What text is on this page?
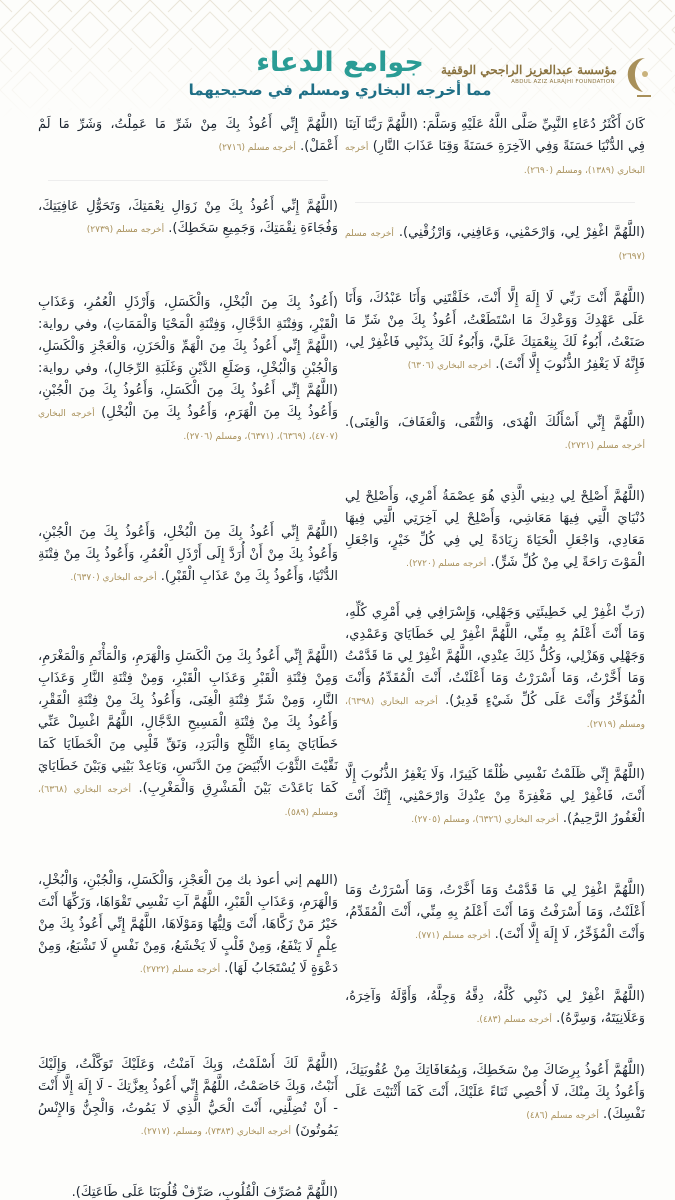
مؤسسة عبدالعزيز الراجحي الوقفية
ABDUL AZIZ ALRAJHI FOUNDATION
جوامع الدعاء
مما أخرجه البخاري ومسلم في صحيحيهما
كَانَ أَكْثَرُ دُعَاءِ النَّبِيِّ صَلَّى اللَّهُ عَلَيْهِ وَسَلَّمَ: (اللَّهُمَّ رَبَّنَا آتِنَا فِي الدُّنْيَا حَسَنَةً وَفِي الآخِرَةِ حَسَنَةً وَقِنَا عَذَابَ النَّارِ) أخرجه البخاري (١٣٨٩)، ومسلم (٢٦٩٠).
(اللَّهُمَّ اغْفِرْ لِي، وَارْحَمْنِي، وَعَافِنِي، وَارْزُقْنِي). أخرجه مسلم (٢٦٩٧)
(اللَّهُمَّ أَنْتَ رَبِّي لَا إِلَهَ إِلَّا أَنْتَ، خَلَقْتَنِي وَأَنَا عَبْدُكَ، وَأَنَا عَلَى عَهْدِكَ وَوَعْدِكَ مَا اسْتَطَعْتُ، أَعُوذُ بِكَ مِنْ شَرِّ مَا صَنَعْتُ، أَبُوءُ لَكَ بِنِعْمَتِكَ عَلَيَّ، وَأَبُوءُ لَكَ بِذَنْبِي فَاغْفِرْ لِي، فَإِنَّهُ لَا يَغْفِرُ الذُّنُوبَ إِلَّا أَنْتَ). أخرجه البخاري (٦٣٠٦)
(اللَّهُمَّ إِنِّي أَسْأَلُكَ الْهُدَى، وَالتُّقَى، وَالْعَفَافَ، وَالْغِنَى). أخرجه مسلم (٢٧٢١).
(اللَّهُمَّ أَصْلِحْ لِي دِينِي الَّذِي هُوَ عِصْمَةُ أَمْرِي، وَأَصْلِحْ لِي دُنْيَايَ الَّتِي فِيهَا مَعَاشِي، وَأَصْلِحْ لِي آخِرَتِي الَّتِي فِيهَا مَعَادِي، وَاجْعَلِ الْحَيَاةَ زِيَادَةً لِي فِي كُلِّ خَيْرٍ، وَاجْعَلِ الْمَوْتَ رَاحَةً لِي مِنْ كُلِّ شَرٍّ). أخرجه مسلم (٢٧٢٠).
(رَبِّ اغْفِرْ لِي خَطِيئَتِي وَجَهْلِي، وَإِسْرَافِي فِي أَمْرِي كُلِّهِ، وَمَا أَنْتَ أَعْلَمُ بِهِ مِنِّي، اللَّهُمَّ اغْفِرْ لِي خَطَايَايَ وَعَمْدِي، وَجَهْلِي وَهَزْلِي، وَكُلُّ ذَلِكَ عِنْدِي، اللَّهُمَّ اغْفِرْ لِي مَا قَدَّمْتُ وَمَا أَخَّرْتُ، وَمَا أَسْرَرْتُ وَمَا أَعْلَنْتُ، أَنْتَ الْمُقَدِّمُ وَأَنْتَ الْمُؤَخِّرُ وَأَنْتَ عَلَى كُلِّ شَيْءٍ قَدِيرٌ). أخرجه البخاري (٦٣٩٨)، ومسلم (٢٧١٩).
(اللَّهُمَّ إِنِّي ظَلَمْتُ نَفْسِي ظُلْمًا كَثِيرًا، وَلَا يَغْفِرُ الذُّنُوبَ إِلَّا أَنْتَ، فَاغْفِرْ لِي مَغْفِرَةً مِنْ عِنْدِكَ وَارْحَمْنِي، إِنَّكَ أَنْتَ الْغَفُورُ الرَّحِيمُ). أخرجه البخاري (٦٣٢٦)، ومسلم (٢٧٠٥).
(اللَّهُمَّ اغْفِرْ لِي مَا قَدَّمْتُ وَمَا أَخَّرْتُ، وَمَا أَسْرَرْتُ وَمَا أَعْلَنْتُ، وَمَا أَسْرَفْتُ وَمَا أَنْتَ أَعْلَمُ بِهِ مِنِّي، أَنْتَ الْمُقَدِّمُ، وَأَنْتَ الْمُؤَخِّرُ، لَا إِلَهَ إِلَّا أَنْتَ). أخرجه مسلم (٧٧١).
(اللَّهُمَّ اغْفِرْ لِي ذَنْبِي كُلَّهُ، دِقَّهُ وَجِلَّهُ، وَأَوَّلَهُ وَآخِرَهُ، وَعَلَانِيَتَهُ، وَسِرَّهُ). أخرجه مسلم (٤٨٣).
(اللَّهُمَّ أَعُوذُ بِرِضَاكَ مِنْ سَخَطِكَ، وَبِمُعَافَاتِكَ مِنْ عُقُوبَتِكَ، وَأَعُوذُ بِكَ مِنْكَ، لَا أُحْصِي ثَنَاءً عَلَيْكَ، أَنْتَ كَمَا أَثْنَيْتَ عَلَى نَفْسِكَ). أخرجه مسلم (٤٨٦)
(اللَّهُمَّ إِنِّي أَعُوذُ بِكَ مِنْ شَرِّ مَا عَمِلْتُ، وَشَرِّ مَا لَمْ أَعْمَلْ). أخرجه مسلم (٢٧١٦)
(اللَّهُمَّ إِنِّي أَعُوذُ بِكَ مِنْ زَوَالِ نِعْمَتِكَ، وَتَحَوُّلِ عَافِيَتِكَ، وَفُجَاءَةِ نِقْمَتِكَ، وَجَمِيعِ سَخَطِكَ). أخرجه مسلم (٢٧٣٩)
(أَعُوذُ بِكَ مِنَ الْبُخْلِ، وَالْكَسَلِ، وَأَرْذَلِ الْعُمُرِ، وَعَذَابِ الْقَبْرِ، وَفِتْنَةِ الدَّجَّالِ، وَفِتْنَةِ الْمَحْيَا وَالْمَمَاتِ)، وفي رواية: (اللَّهُمَّ إِنِّي أَعُوذُ بِكَ مِنَ الْهَمِّ وَالْحَزَنِ، وَالْعَجْزِ وَالْكَسَلِ، وَالْجُبْنِ وَالْبُخْلِ، وَضَلَعِ الدَّيْنِ وَغَلَبَةِ الرِّجَالِ)، وفي رواية: (اللَّهُمَّ إِنِّي أَعُوذُ بِكَ مِنَ الْكَسَلِ، وَأَعُوذُ بِكَ مِنَ الْجُبْنِ، وَأَعُوذُ بِكَ مِنَ الْهَرَمِ، وَأَعُوذُ بِكَ مِنَ الْبُخْلِ) أخرجه البخاري (٤٧٠٧)، (٦٣٦٩)، (٦٣٧١)، ومسلم (٢٧٠٦).
(اللَّهُمَّ إِنِّي أَعُوذُ بِكَ مِنَ الْبُخْلِ، وَأَعُوذُ بِكَ مِنَ الْجُبْنِ، وَأَعُوذُ بِكَ مِنْ أَنْ أُرَدَّ إِلَى أَرْذَلِ الْعُمُرِ، وَأَعُوذُ بِكَ مِنْ فِتْنَةِ الدُّنْيَا، وَأَعُوذُ بِكَ مِنْ عَذَابِ الْقَبْرِ). أخرجه البخاري (٦٣٧٠).
(اللَّهُمَّ إِنِّي أَعُوذُ بِكَ مِنَ الْكَسَلِ وَالْهَرَمِ، وَالْمَأْثَمِ وَالْمَغْرَمِ، وَمِنْ فِتْنَةِ الْقَبْرِ وَعَذَابِ الْقَبْرِ، وَمِنْ فِتْنَةِ النَّارِ وَعَذَابِ النَّارِ، وَمِنْ شَرِّ فِتْنَةِ الْغِنَى، وَأَعُوذُ بِكَ مِنْ فِتْنَةِ الْفَقْرِ، وَأَعُوذُ بِكَ مِنْ فِتْنَةِ الْمَسِيحِ الدَّجَّالِ، اللَّهُمَّ اغْسِلْ عَنِّي خَطَايَايَ بِمَاءِ الثَّلْجِ وَالْبَرَدِ، وَنَقِّ قَلْبِي مِنَ الْخَطَايَا كَمَا نَقَّيْتَ الثَّوْبَ الأَبْيَضَ مِنَ الدَّنَسِ، وَبَاعِدْ بَيْنِي وَبَيْنَ خَطَايَايَ كَمَا بَاعَدْتَ بَيْنَ الْمَشْرِقِ وَالْمَغْرِبِ). أخرجه البخاري (٦٣٦٨)، ومسلم (٥٨٩).
(اللهم إني أعوذ بك مِنَ الْعَجْزِ، وَالْكَسَلِ، وَالْجُبْنِ، وَالْبُخْلِ، وَالْهَرَمِ، وَعَذَابِ الْقَبْرِ، اللَّهُمَّ آتِ نَفْسِي تَقْوَاهَا، وَزَكِّهَا أَنْتَ خَيْرُ مَنْ زَكَّاهَا، أَنْتَ وَلِيُّهَا وَمَوْلَاهَا، اللَّهُمَّ إِنِّي أَعُوذُ بِكَ مِنْ عِلْمٍ لَا يَنْفَعُ، وَمِنْ قَلْبٍ لَا يَخْشَعُ، وَمِنْ نَفْسٍ لَا تَشْبَعُ، وَمِنْ دَعْوَةٍ لَا يُسْتَجَابُ لَهَا). أخرجه مسلم (٢٧٢٢).
(اللَّهُمَّ لَكَ أَسْلَمْتُ، وَبِكَ آمَنْتُ، وَعَلَيْكَ تَوَكَّلْتُ، وَإِلَيْكَ أَنَبْتُ، وَبِكَ خَاصَمْتُ، اللَّهُمَّ إِنِّي أَعُوذُ بِعِزَّتِكَ - لَا إِلَهَ إِلَّا أَنْتَ - أَنْ تُضِلَّنِي، أَنْتَ الْحَيُّ الَّذِي لَا يَمُوتُ، وَالْجِنُّ وَالإِنْسُ يَمُوتُونَ) أخرجه البخاري (٧٣٨٣)، ومسلم، (٢٧١٧).
(اللَّهُمَّ مُصَرِّفَ الْقُلُوبِ، صَرِّفْ قُلُوبَنَا عَلَى طَاعَتِكَ).
